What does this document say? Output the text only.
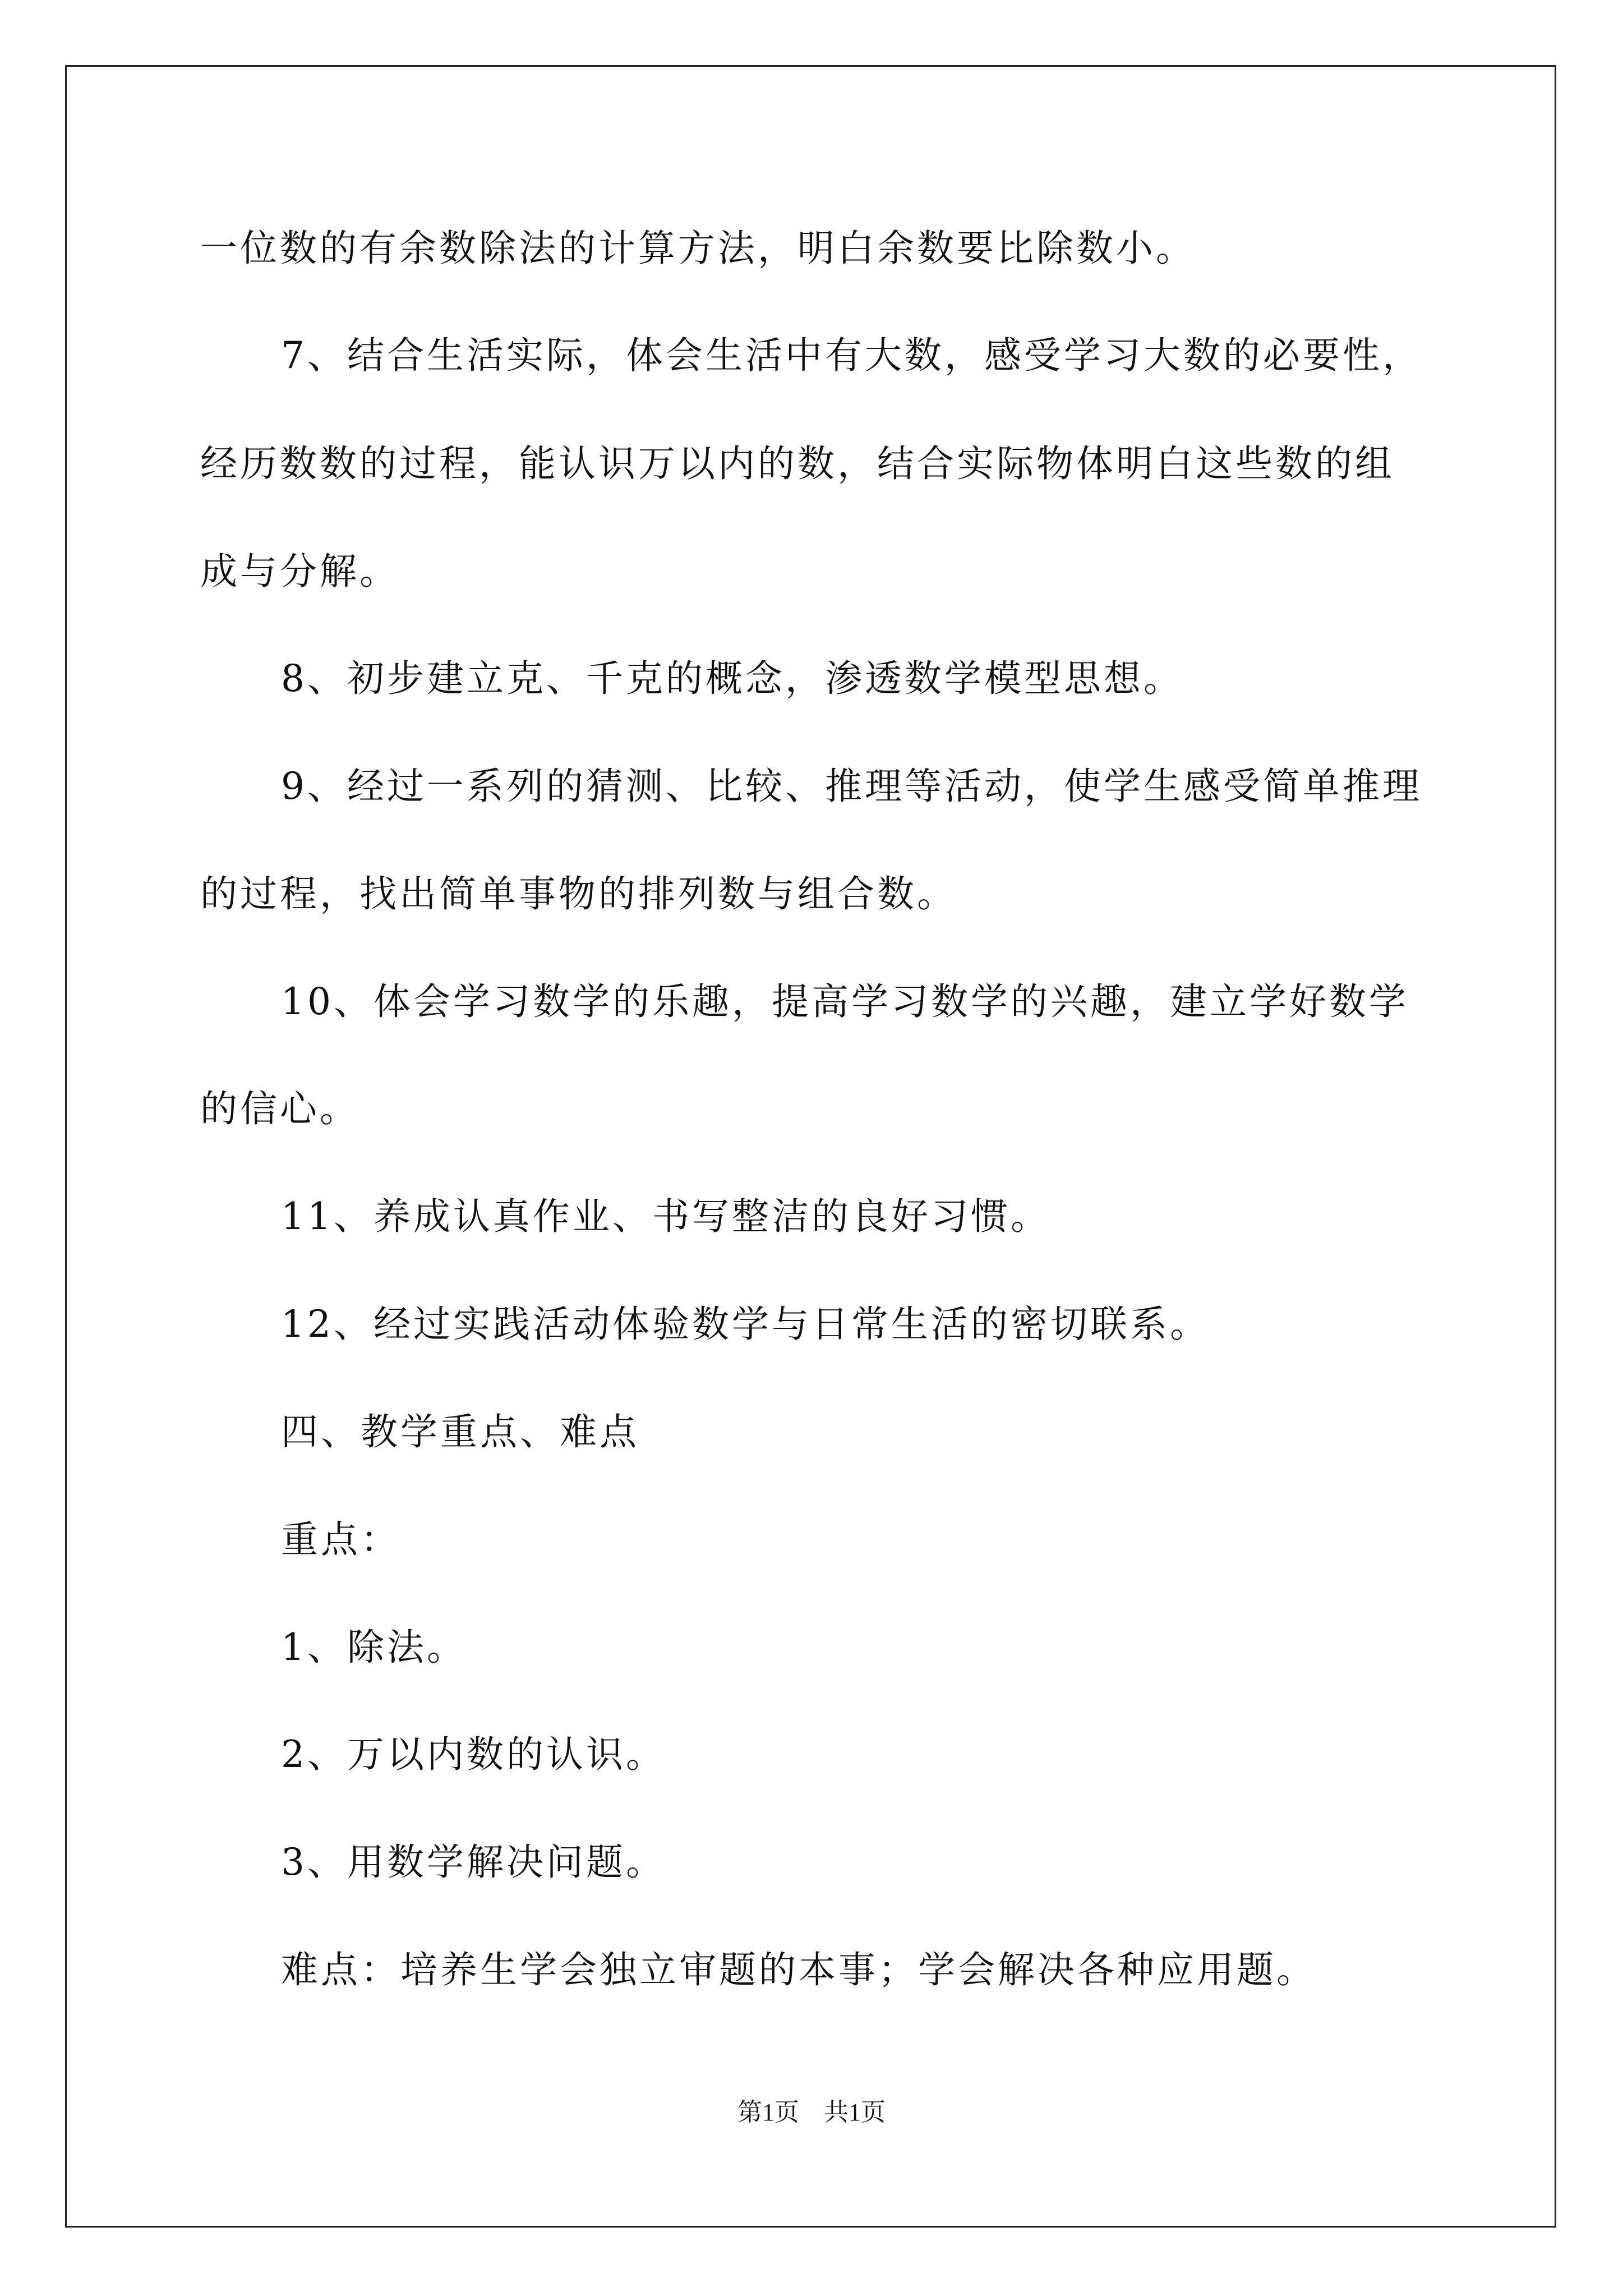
一位数的有余数除法的计算方法，明白余数要比除数小。
7、结合生活实际，体会生活中有大数，感受学习大数的必要性，
经历数数的过程，能认识万以内的数，结合实际物体明白这些数的组
成与分解。
8、初步建立克、千克的概念，渗透数学模型思想。
9、经过一系列的猜测、比较、推理等活动，使学生感受简单推理
的过程，找出简单事物的排列数与组合数。
10、体会学习数学的乐趣，提高学习数学的兴趣，建立学好数学
的信心。
11、养成认真作业、书写整洁的良好习惯。
12、经过实践活动体验数学与日常生活的密切联系。
四、教学重点、难点
重点：
1、除法。
2、万以内数的认识。
3、用数学解决问题。
难点：培养生学会独立审题的本事；学会解决各种应用题。
第1页　共1页
